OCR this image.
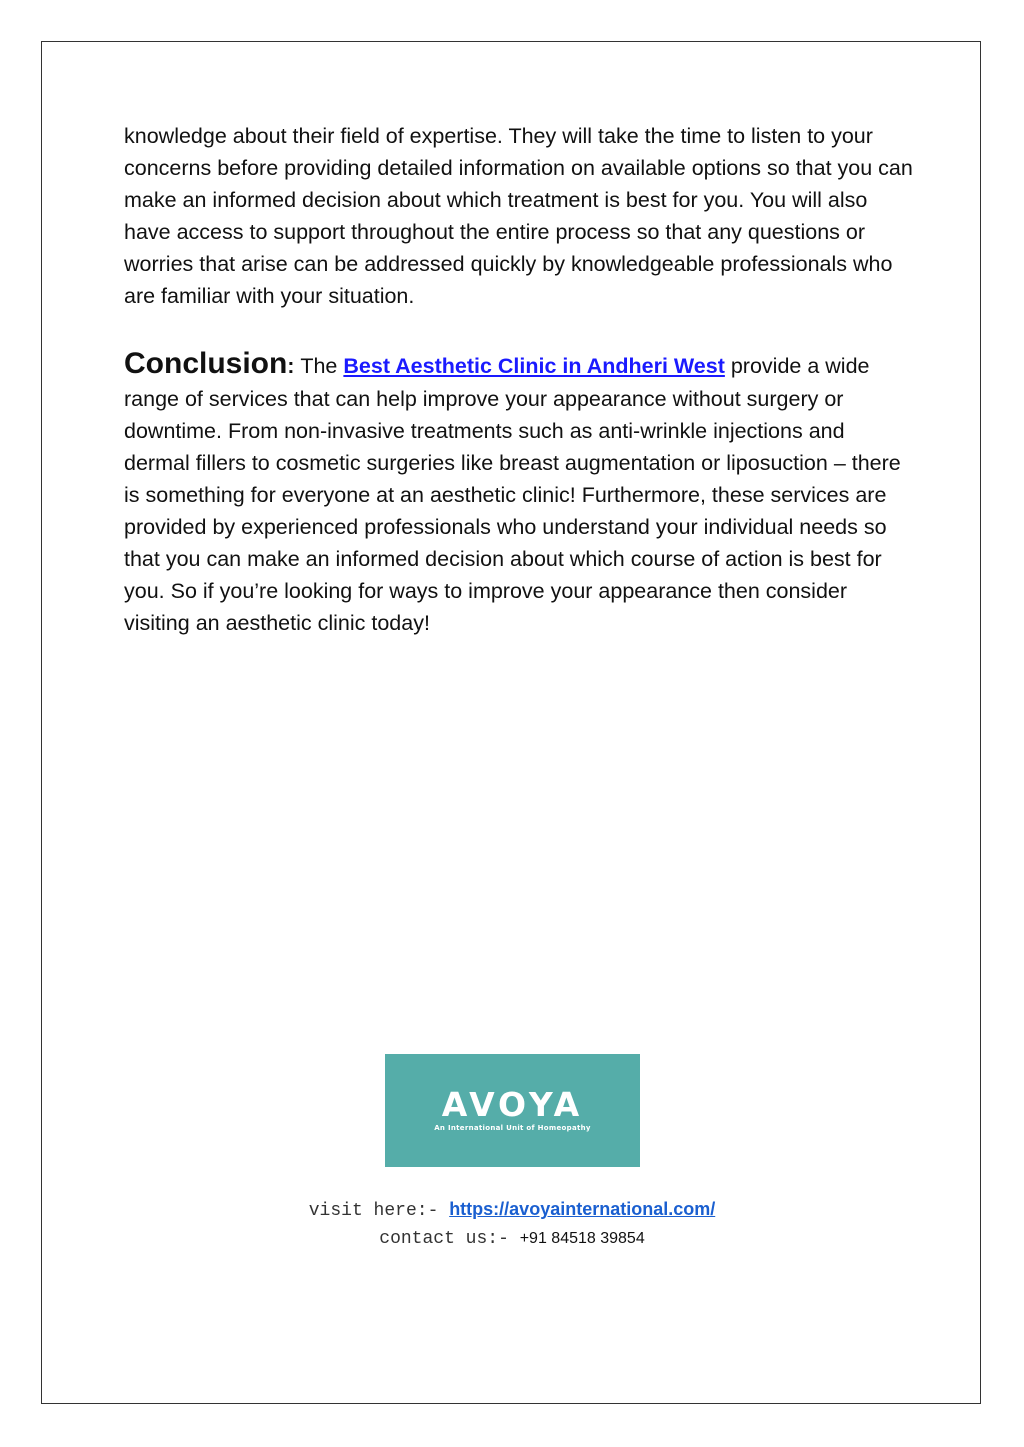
knowledge about their field of expertise. They will take the time to listen to your concerns before providing detailed information on available options so that you can make an informed decision about which treatment is best for you. You will also have access to support throughout the entire process so that any questions or worries that arise can be addressed quickly by knowledgeable professionals who are familiar with your situation.

Conclusion: The Best Aesthetic Clinic in Andheri West provide a wide range of services that can help improve your appearance without surgery or downtime. From non-invasive treatments such as anti-wrinkle injections and dermal fillers to cosmetic surgeries like breast augmentation or liposuction – there is something for everyone at an aesthetic clinic! Furthermore, these services are provided by experienced professionals who understand your individual needs so that you can make an informed decision about which course of action is best for you. So if you’re looking for ways to improve your appearance then consider visiting an aesthetic clinic today!

AVOYA
An International Unit of Homeopathy
visit here:- https://avoyainternational.com/
contact us:- +91 84518 39854
